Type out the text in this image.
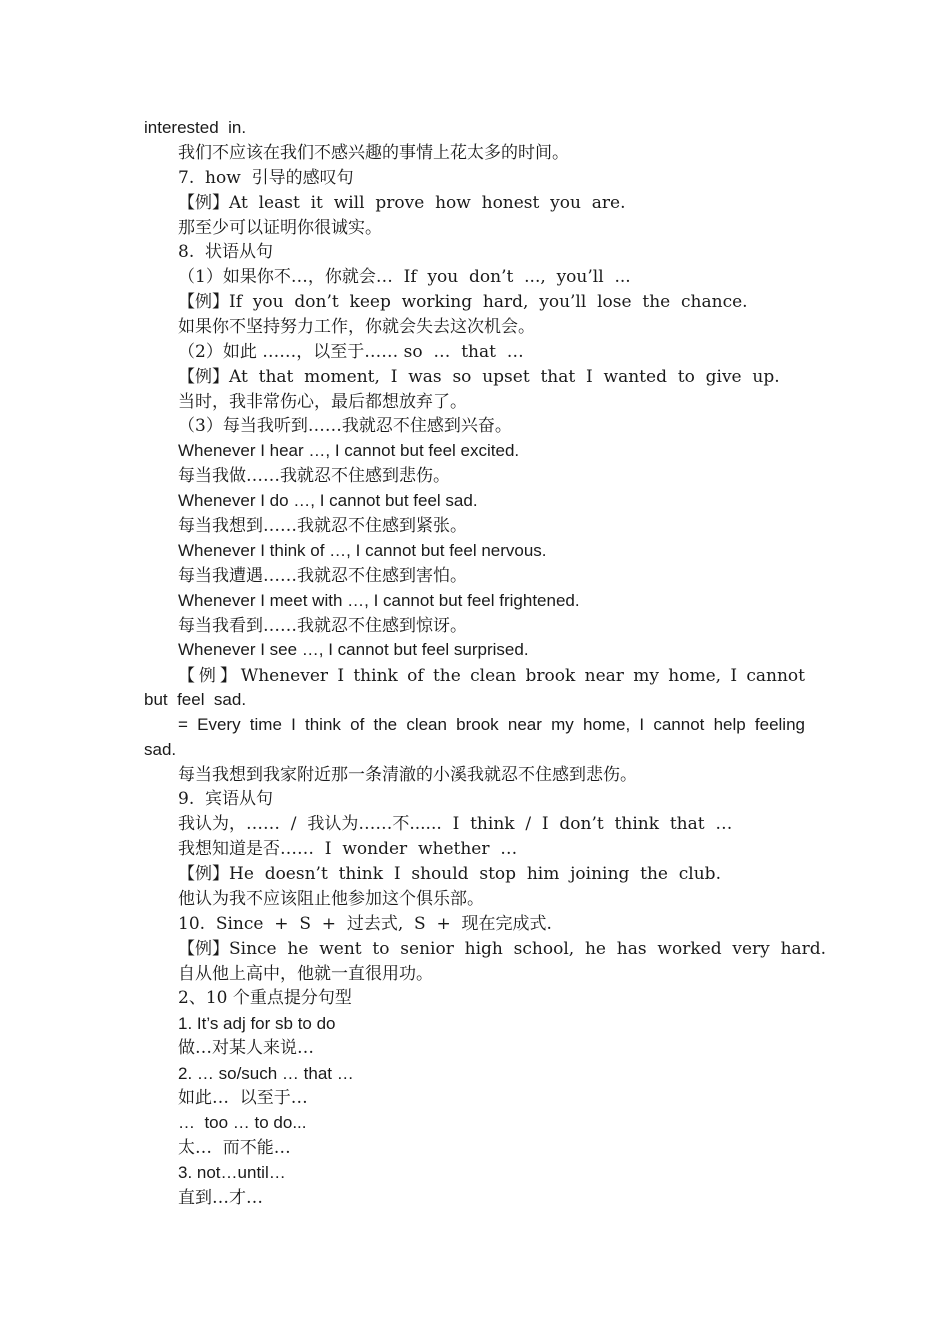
interested  in.
我们不应该在我们不感兴趣的事情上花太多的时间。
7.  how  引导的感叹句
【例】At  least  it  will  prove  how  honest  you  are.
那至少可以证明你很诚实。
8.  状语从句
（1）如果你不…，你就会…  If  you  don’t  ...,  you’ll  ...
【例】If  you  don’t  keep  working  hard,  you’ll  lose  the  chance.
如果你不坚持努力工作，你就会失去这次机会。
（2）如此 ……，以至于…… so  …  that  …
【例】At  that  moment,  I  was  so  upset  that  I  wanted  to  give  up.
当时，我非常伤心，最后都想放弃了。
（3）每当我听到……我就忍不住感到兴奋。
Whenever I hear …, I cannot but feel excited.
每当我做……我就忍不住感到悲伤。
Whenever I do …, I cannot but feel sad.
每当我想到……我就忍不住感到紧张。
Whenever I think of …, I cannot but feel nervous.
每当我遭遇……我就忍不住感到害怕。
Whenever I meet with …, I cannot but feel frightened.
每当我看到……我就忍不住感到惊讶。
Whenever I see …, I cannot but feel surprised.
【例】Whenever I think of the clean brook near my home, I cannot
but  feel  sad.
= Every time I think of the clean brook near my home, I cannot help feeling
sad.
每当我想到我家附近那一条清澈的小溪我就忍不住感到悲伤。
9.  宾语从句
我认为，……  /  我认为……不......  I  think  /  I  don’t  think  that  …
我想知道是否……  I  wonder  whether  …
【例】He  doesn’t  think  I  should  stop  him  joining  the  club.
他认为我不应该阻止他参加这个俱乐部。
10.  Since  +  S  +  过去式,  S  +  现在完成式.
【例】Since  he  went  to  senior  high  school,  he  has  worked  very  hard.
自从他上高中，他就一直很用功。
2、10 个重点提分句型
1. It’s adj for sb to do
做…对某人来说…
2. … so/such … that …
如此…  以至于…
…  too … to do...
太…  而不能…
3. not…until…
直到…才…
